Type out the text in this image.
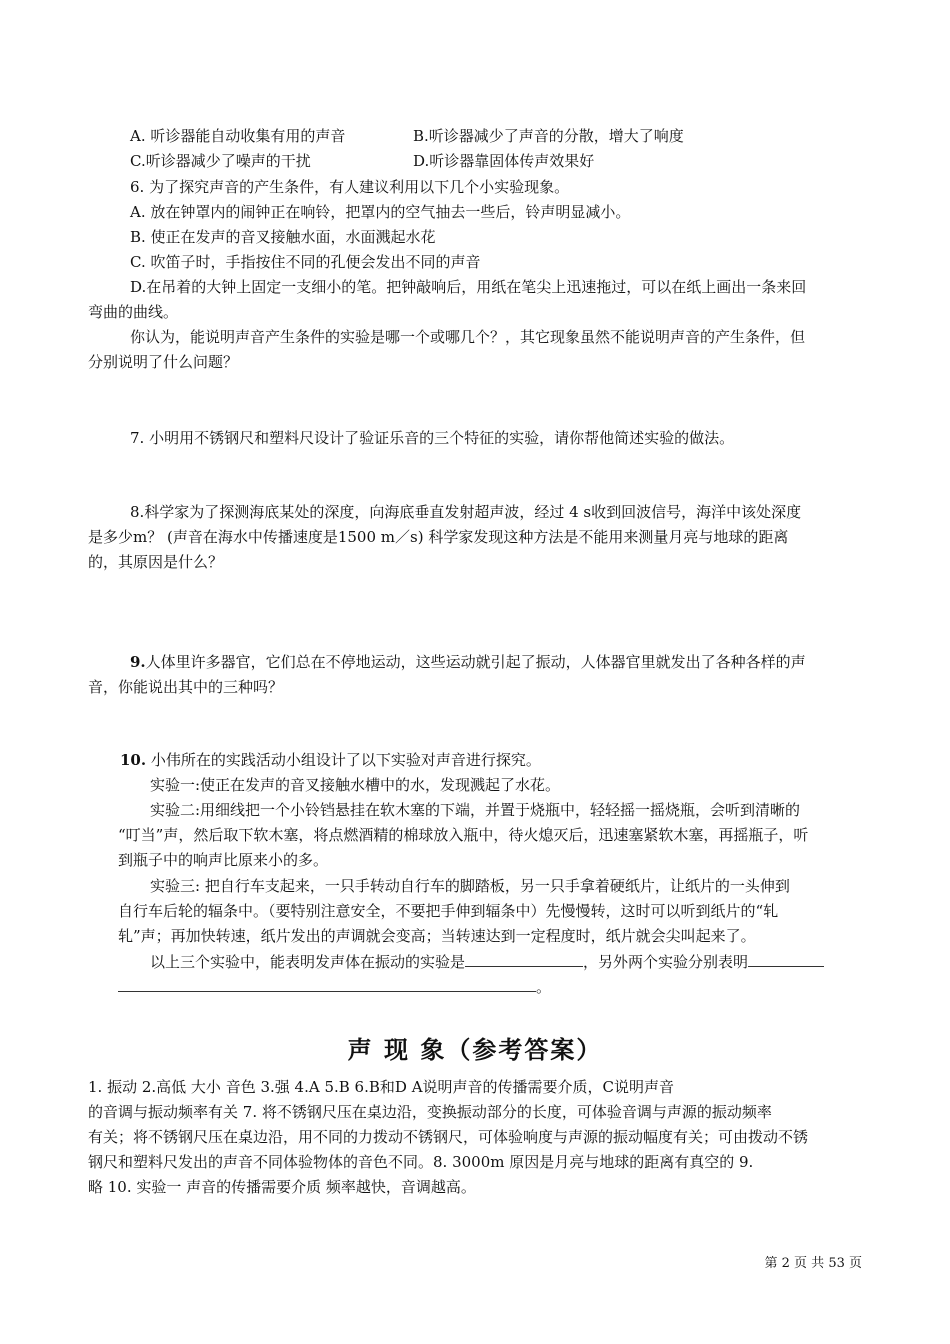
A. 听诊器能自动收集有用的声音	B.听诊器减少了声音的分散，增大了响度
C.听诊器减少了噪声的干扰	D.听诊器靠固体传声效果好
6. 为了探究声音的产生条件，有人建议利用以下几个小实验现象。
A. 放在钟罩内的闹钟正在响铃，把罩内的空气抽去一些后，铃声明显减小。
B. 使正在发声的音叉接触水面，水面溅起水花
C. 吹笛子时，手指按住不同的孔便会发出不同的声音
D.在吊着的大钟上固定一支细小的笔。把钟敲响后，用纸在笔尖上迅速拖过，可以在纸上画出一条来回
弯曲的曲线。
你认为，能说明声音产生条件的实验是哪一个或哪几个？，其它现象虽然不能说明声音的产生条件，但
分别说明了什么问题？
7. 小明用不锈钢尺和塑料尺设计了验证乐音的三个特征的实验，请你帮他简述实验的做法。
8.科学家为了探测海底某处的深度，向海底垂直发射超声波，经过 4 s收到回波信号，海洋中该处深度
是多少m？ (声音在海水中传播速度是1500 m／s) 科学家发现这种方法是不能用来测量月亮与地球的距离
的，其原因是什么？
9.人体里许多器官，它们总在不停地运动，这些运动就引起了振动，人体器官里就发出了各种各样的声
音，你能说出其中的三种吗？
10. 小伟所在的实践活动小组设计了以下实验对声音进行探究。
实验一:使正在发声的音叉接触水槽中的水，发现溅起了水花。
实验二:用细线把一个小铃铛悬挂在软木塞的下端，并置于烧瓶中，轻轻摇一摇烧瓶，会听到清晰的
“叮当”声，然后取下软木塞，将点燃酒精的棉球放入瓶中，待火熄灭后，迅速塞紧软木塞，再摇瓶子，听
到瓶子中的响声比原来小的多。
实验三: 把自行车支起来，一只手转动自行车的脚踏板，另一只手拿着硬纸片，让纸片的一头伸到
自行车后轮的辐条中。（要特别注意安全，不要把手伸到辐条中）先慢慢转，这时可以听到纸片的“轧
轧”声；再加快转速，纸片发出的声调就会变高；当转速达到一定程度时，纸片就会尖叫起来了。
以上三个实验中，能表明发声体在振动的实验是	，另外两个实验分别表明
。
声 现 象（参考答案）
1. 振动 2.高低 大小 音色 3.强 4.A 5.B 6.B和D A说明声音的传播需要介质，C说明声音
的音调与振动频率有关 7. 将不锈钢尺压在桌边沿，变换振动部分的长度，可体验音调与声源的振动频率
有关；将不锈钢尺压在桌边沿，用不同的力拨动不锈钢尺，可体验响度与声源的振动幅度有关；可由拨动不锈
钢尺和塑料尺发出的声音不同体验物体的音色不同。8. 3000m 原因是月亮与地球的距离有真空的 9.
略 10. 实验一 声音的传播需要介质 频率越快，音调越高。
第 2 页 共 53 页
